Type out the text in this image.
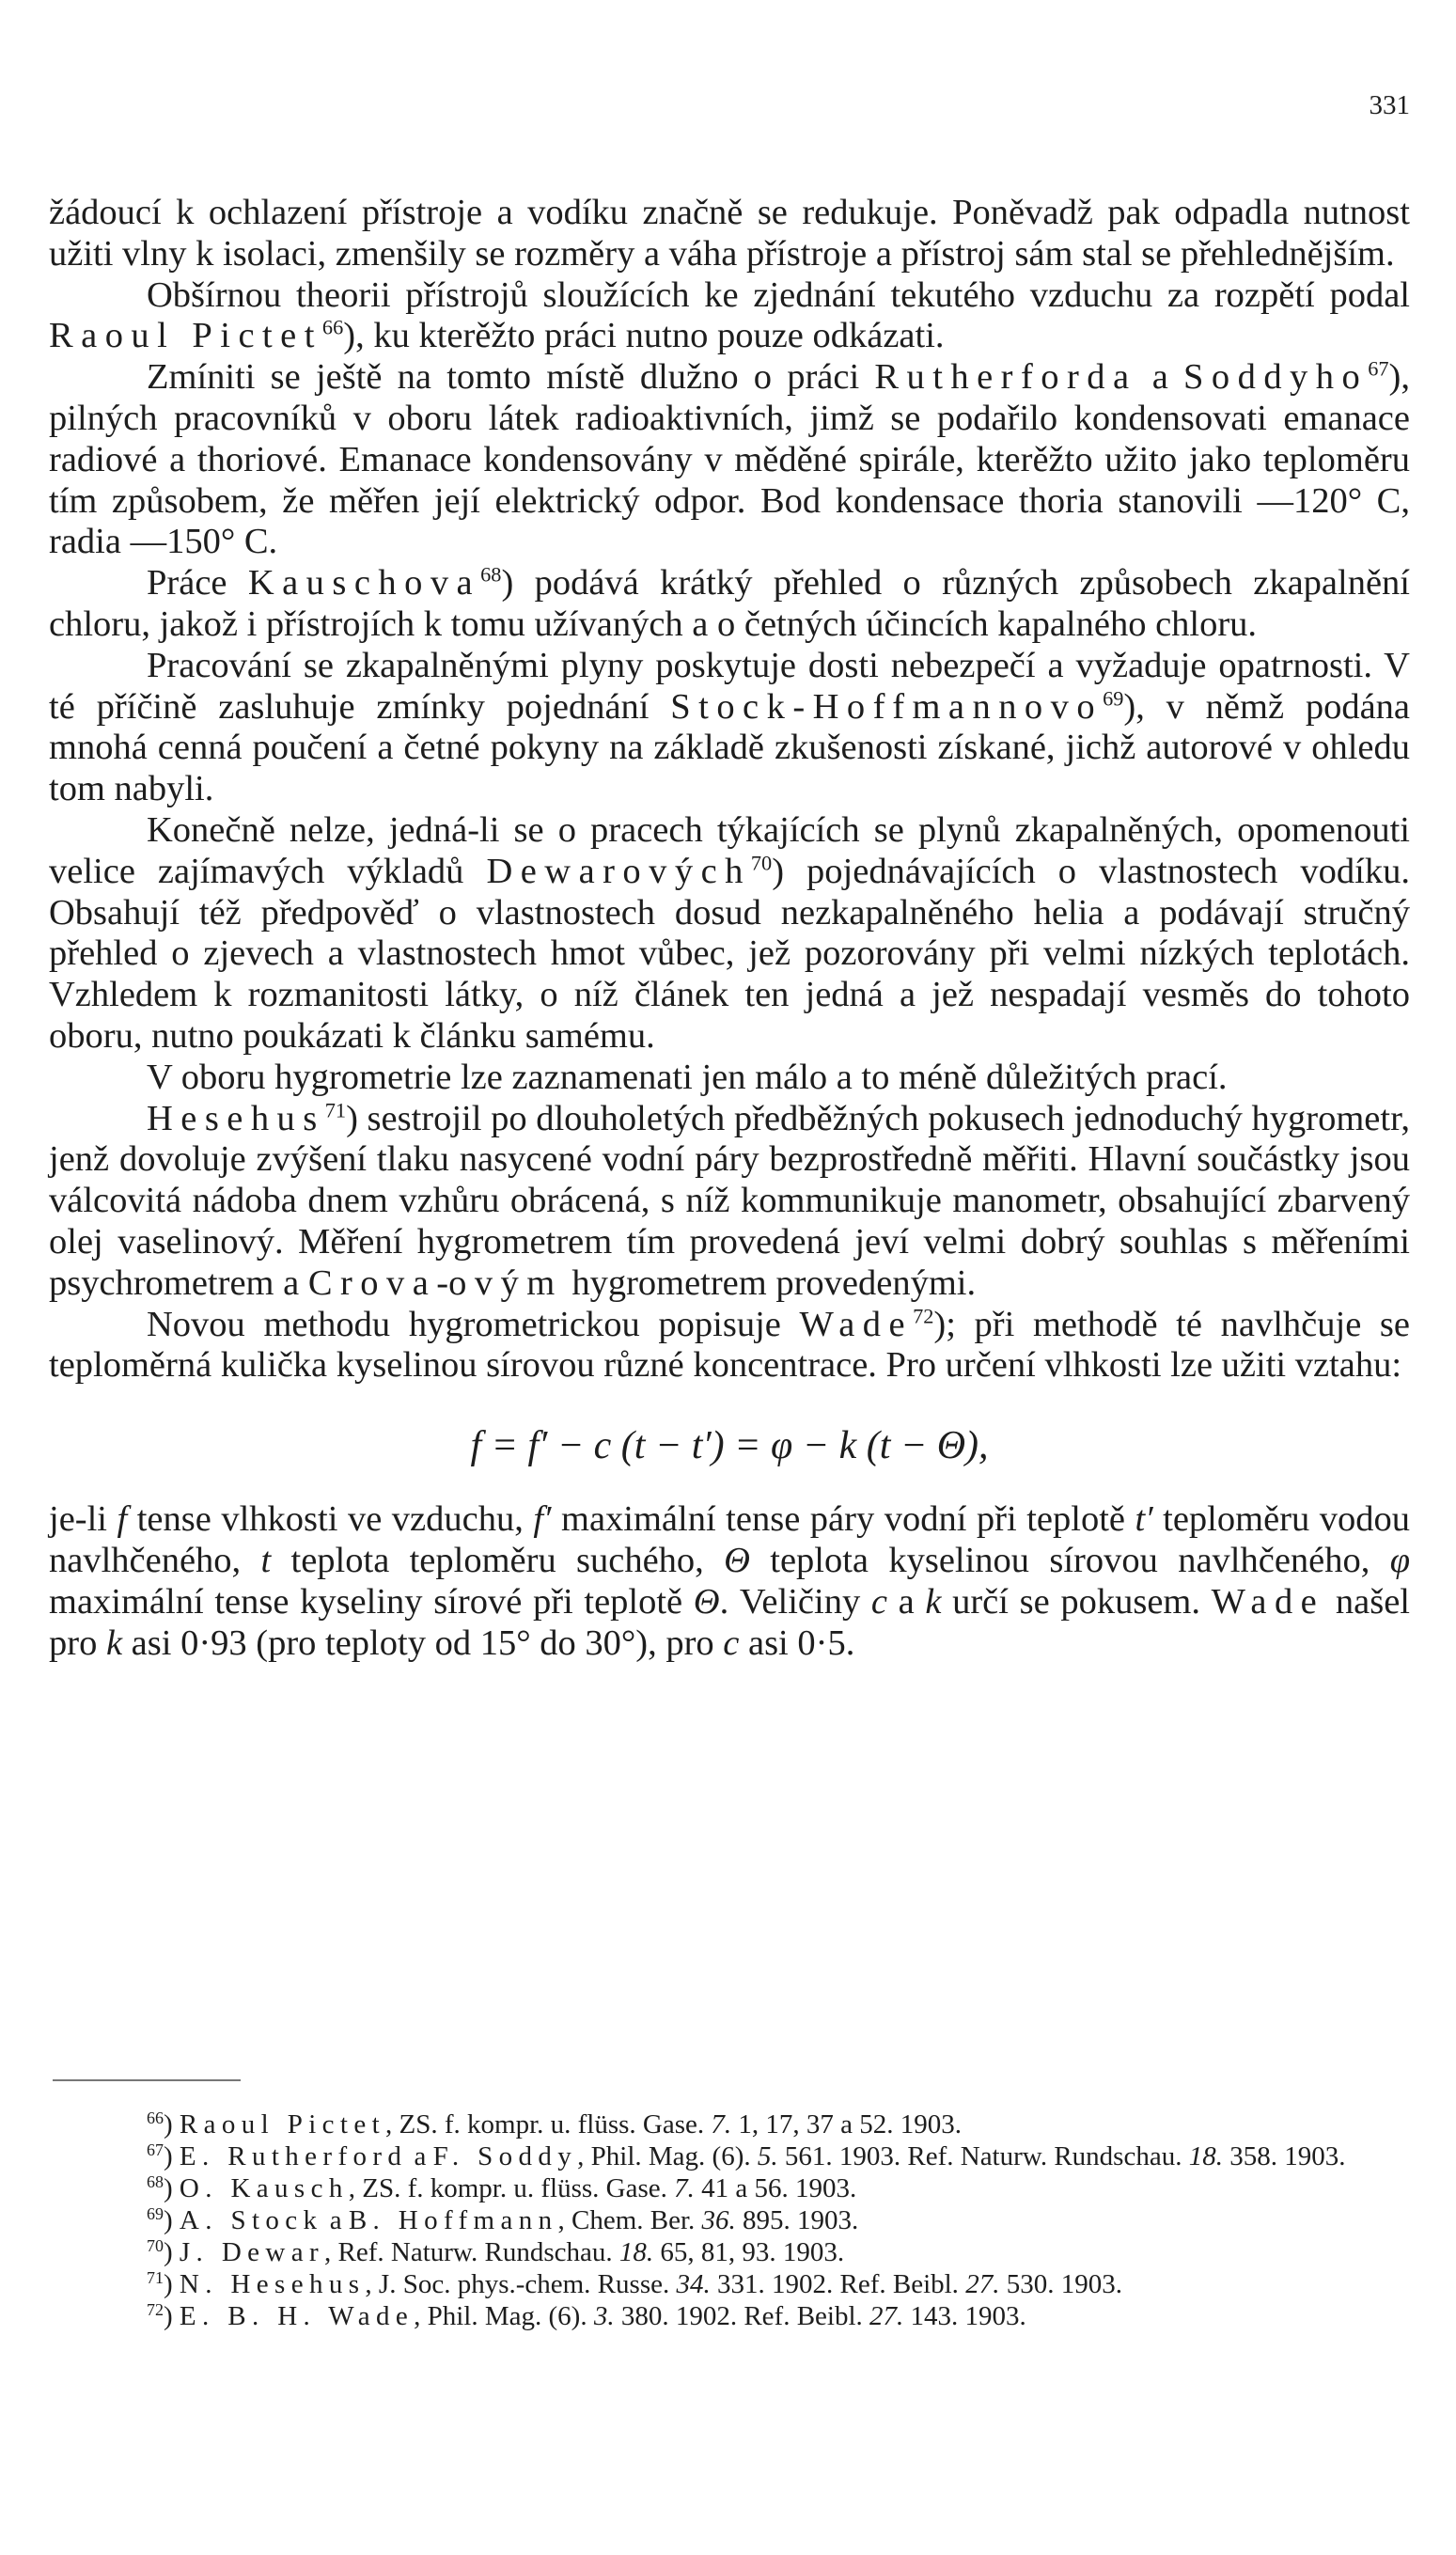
331

žádoucí k ochlazení přístroje a vodíku značně se redukuje. Poněvadž pak odpadla nutnost užiti vlny k isolaci, zmenšily se rozměry a váha přístroje a přístroj sám stal se přehlednějším.

Obšírnou theorii přístrojů sloužících ke zjednání tekutého vzduchu za rozpětí podal Raoul Pictet$^{66}$), ku kterěžto práci nutno pouze odkázati.

Zmíniti se ještě na tomto místě dlužno o práci Rutherforda a Soddyho$^{67}$), pilných pracovníků v oboru látek radioaktivních, jimž se podařilo kondensovati emanace radiové a thoriové. Emanace kondensovány v měděné spirále, kterěžto užito jako teploměru tím způsobem, že měřen její elektrický odpor. Bod kondensace thoria stanovili —120° C, radia —150° C.

Práce Kauschova$^{68}$) podává krátký přehled o různých způsobech zkapalnění chloru, jakož i přístrojích k tomu užívaných a o četných účincích kapalného chloru.

Pracování se zkapalněnými plyny poskytuje dosti nebezpečí a vyžaduje opatrnosti. V té příčině zasluhuje zmínky pojednání Stock-Hoffmannovo$^{69}$), v němž podána mnohá cenná poučení a četné pokyny na základě zkušenosti získané, jichž autorové v ohledu tom nabyli.

Konečně nelze, jedná-li se o pracech týkajících se plynů zkapalněných, opomenouti velice zajímavých výkladů Dewarových$^{70}$) pojednávajících o vlastnostech vodíku. Obsahují též předpověď o vlastnostech dosud nezkapalněného helia a podávají stručný přehled o zjevech a vlastnostech hmot vůbec, jež pozorovány při velmi nízkých teplotách. Vzhledem k rozmanitosti látky, o níž článek ten jedná a jež nespadají vesměs do tohoto oboru, nutno poukázati k článku samému.

V oboru hygrometrie lze zaznamenati jen málo a to méně důležitých prací.

Hesehus$^{71}$) sestrojil po dlouholetých předběžných pokusech jednoduchý hygrometr, jenž dovoluje zvýšení tlaku nasycené vodní páry bezprostředně měřiti. Hlavní součástky jsou válcovitá nádoba dnem vzhůru obrácená, s níž kommunikuje manometr, obsahující zbarvený olej vaselinový. Měření hygrometrem tím provedená jeví velmi dobrý souhlas s měřeními psychrometrem a Crova-ovým hygrometrem provedenými.

Novou methodu hygrometrickou popisuje Wade$^{72}$); při methodě té navlhčuje se teploměrná kulička kyselinou sírovou různé koncentrace. Pro určení vlhkosti lze užiti vztahu:

f = f′ − c (t − t′) = φ − k (t − Θ),

je-li f tense vlhkosti ve vzduchu, f′ maximální tense páry vodní při teplotě t′ teploměru vodou navlhčeného, t teplota teploměru suchého, Θ teplota kyselinou sírovou navlhčeného, φ maximální tense kyseliny sírové při teplotě Θ. Veličiny c a k určí se pokusem. Wade našel pro k asi 0·93 (pro teploty od 15° do 30°), pro c asi 0·5.

$^{66}$) Raoul Pictet, ZS. f. kompr. u. flüss. Gase. 7. 1, 17, 37 a 52. 1903.

$^{67}$) E. Rutherford a F. Soddy, Phil. Mag. (6). 5. 561. 1903. Ref. Naturw. Rundschau. 18. 358. 1903.

$^{68}$) O. Kausch, ZS. f. kompr. u. flüss. Gase. 7. 41 a 56. 1903.

$^{69}$) A. Stock a B. Hoffmann, Chem. Ber. 36. 895. 1903.

$^{70}$) J. Dewar, Ref. Naturw. Rundschau. 18. 65, 81, 93. 1903.

$^{71}$) N. Hesehus, J. Soc. phys.-chem. Russe. 34. 331. 1902. Ref. Beibl. 27. 530. 1903.

$^{72}$) E. B. H. Wade, Phil. Mag. (6). 3. 380. 1902. Ref. Beibl. 27. 143. 1903.
